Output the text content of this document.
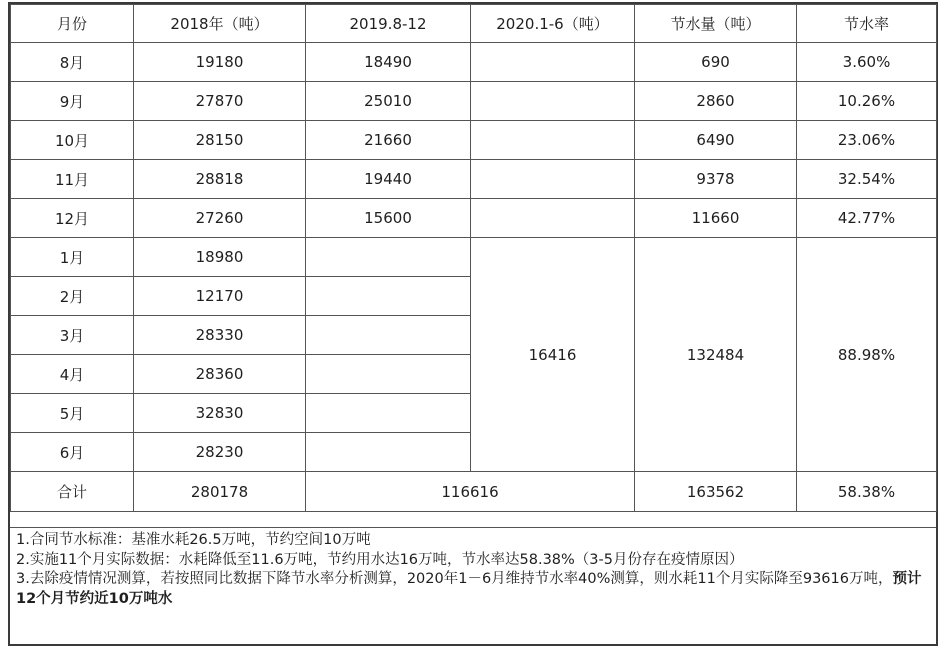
月份	2018年（吨）	2019.8-12	2020.1-6（吨）	节水量（吨）	节水率
8月	19180	18490		690	3.60%
9月	27870	25010		2860	10.26%
10月	28150	21660		6490	23.06%
11月	28818	19440		9378	32.54%
12月	27260	15600		11660	42.77%
1月	18980		16416	132484	88.98%
2月	12170				
3月	28330				
4月	28360				
5月	32830				
6月	28230				
合计	280178	116616		163562	58.38%

1.合同节水标准：基准水耗26.5万吨，节约空间10万吨

2.实施11个月实际数据：水耗降低至11.6万吨，节约用水达16万吨，节水率达58.38%（3-5月份存在疫情原因）

3.去除疫情情况测算，若按照同比数据下降节水率分析测算，2020年1－6月维持节水率40%测算，则水耗11个月实际降至93616万吨，预计12个月节约近10万吨水
